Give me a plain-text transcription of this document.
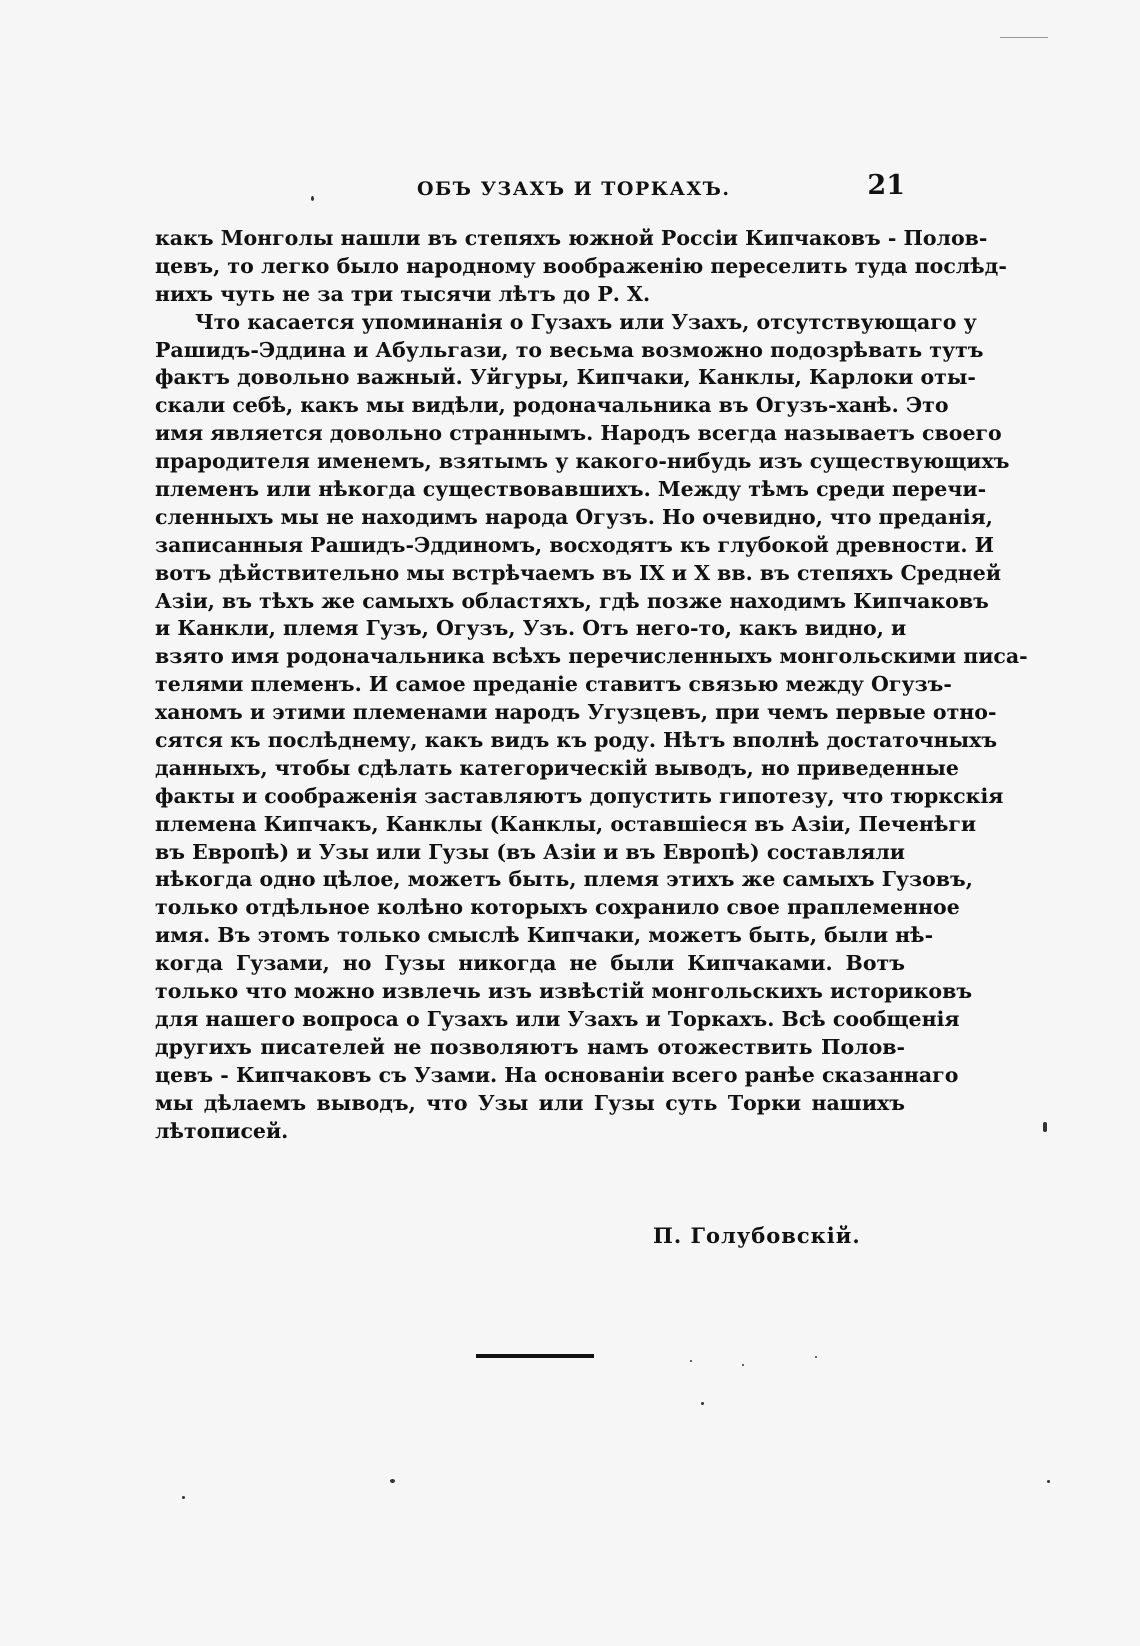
ОБЪ УЗАХЪ И ТОРКАХЪ.	21
какъ Монголы нашли въ степяхъ южной Россіи Кипчаковъ - Полов-
цевъ, то легко было народному воображенію переселить туда послѣд-
нихъ чуть не за три тысячи лѣтъ до Р. Х.
Что касается упоминанія о Гузахъ или Узахъ, отсутствующаго у
Рашидъ-Эддина и Абульгази, то весьма возможно подозрѣвать тутъ
фактъ довольно важный. Уйгуры, Кипчаки, Канклы, Карлоки оты-
скали себѣ, какъ мы видѣли, родоначальника въ Огузъ-ханѣ. Это
имя является довольно страннымъ. Народъ всегда называетъ своего
прародителя именемъ, взятымъ у какого-нибудь изъ существующихъ
племенъ или нѣкогда существовавшихъ. Между тѣмъ среди перечи-
сленныхъ мы не находимъ народа Огузъ. Но очевидно, что преданія,
записанныя Рашидъ-Эддиномъ, восходятъ къ глубокой древности. И
вотъ дѣйствительно мы встрѣчаемъ въ IX и X вв. въ степяхъ Средней
Азіи, въ тѣхъ же самыхъ областяхъ, гдѣ позже находимъ Кипчаковъ
и Канкли, племя Гузъ, Огузъ, Узъ. Отъ него-то, какъ видно, и
взято имя родоначальника всѣхъ перечисленныхъ монгольскими писа-
телями племенъ. И самое преданіе ставитъ связью между Огузъ-
ханомъ и этими племенами народъ Угузцевъ, при чемъ первые отно-
сятся къ послѣднему, какъ видъ къ роду. Нѣтъ вполнѣ достаточныхъ
данныхъ, чтобы сдѣлать категорическій выводъ, но приведенные
факты и соображенія заставляютъ допустить гипотезу, что тюркскія
племена Кипчакъ, Канклы (Канклы, оставшіеся въ Азіи, Печенѣги
въ Европѣ) и Узы или Гузы (въ Азіи и въ Европѣ) составляли
нѣкогда одно цѣлое, можетъ быть, племя этихъ же самыхъ Гузовъ,
только отдѣльное колѣно которыхъ сохранило свое праплеменное
имя. Въ этомъ только смыслѣ Кипчаки, можетъ быть, были нѣ-
когда Гузами, но Гузы никогда не были Кипчаками. Вотъ
только что можно извлечь изъ извѣстій монгольскихъ историковъ
для нашего вопроса о Гузахъ или Узахъ и Торкахъ. Всѣ сообщенія
другихъ писателей не позволяютъ намъ отожествить Полов-
цевъ - Кипчаковъ съ Узами. На основаніи всего ранѣе сказаннаго
мы дѣлаемъ выводъ, что Узы или Гузы суть Торки нашихъ
лѣтописей.
П. Голубовскій.
